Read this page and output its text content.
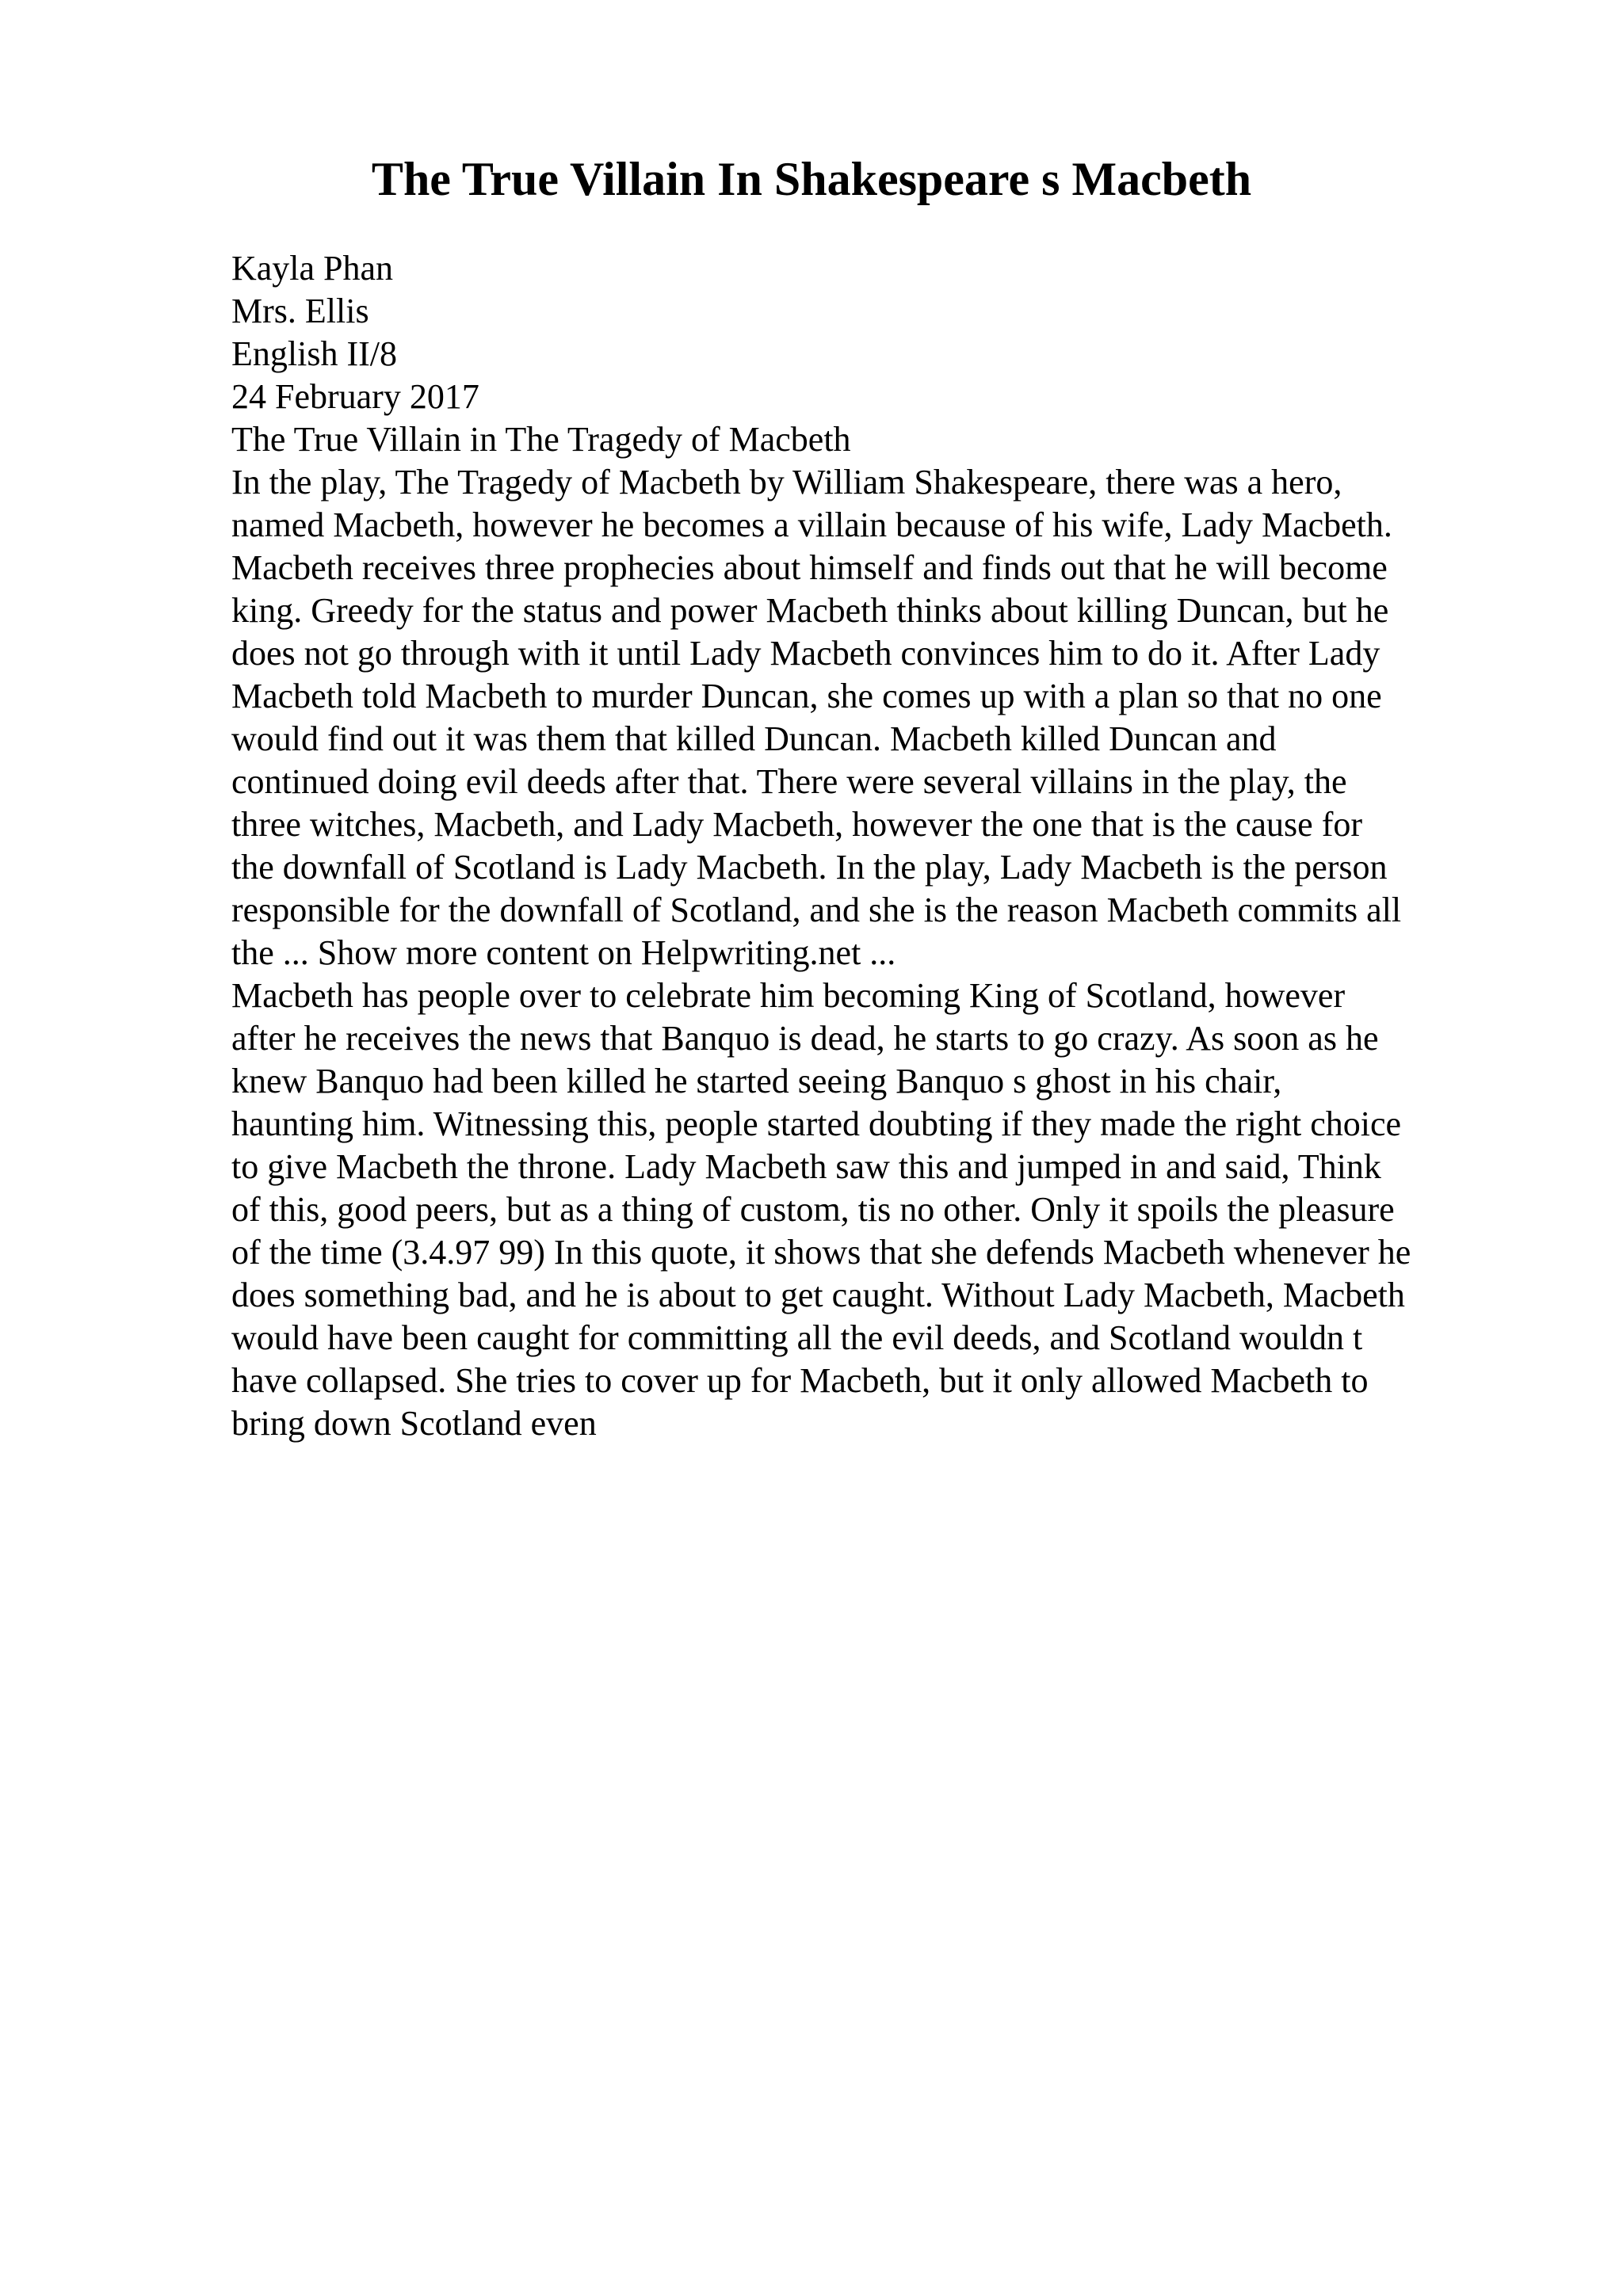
The True Villain In Shakespeare s Macbeth
Kayla Phan
Mrs. Ellis
English II/8
24 February 2017
The True Villain in The Tragedy of Macbeth
In the play, The Tragedy of Macbeth by William Shakespeare, there was a hero,
named Macbeth, however he becomes a villain because of his wife, Lady Macbeth.
Macbeth receives three prophecies about himself and finds out that he will become
king. Greedy for the status and power Macbeth thinks about killing Duncan, but he
does not go through with it until Lady Macbeth convinces him to do it. After Lady
Macbeth told Macbeth to murder Duncan, she comes up with a plan so that no one
would find out it was them that killed Duncan. Macbeth killed Duncan and
continued doing evil deeds after that. There were several villains in the play, the
three witches, Macbeth, and Lady Macbeth, however the one that is the cause for
the downfall of Scotland is Lady Macbeth. In the play, Lady Macbeth is the person
responsible for the downfall of Scotland, and she is the reason Macbeth commits all
the ... Show more content on Helpwriting.net ...
Macbeth has people over to celebrate him becoming King of Scotland, however
after he receives the news that Banquo is dead, he starts to go crazy. As soon as he
knew Banquo had been killed he started seeing Banquo s ghost in his chair,
haunting him. Witnessing this, people started doubting if they made the right choice
to give Macbeth the throne. Lady Macbeth saw this and jumped in and said, Think
of this, good peers, but as a thing of custom, tis no other. Only it spoils the pleasure
of the time (3.4.97 99) In this quote, it shows that she defends Macbeth whenever he
does something bad, and he is about to get caught. Without Lady Macbeth, Macbeth
would have been caught for committing all the evil deeds, and Scotland wouldn t
have collapsed. She tries to cover up for Macbeth, but it only allowed Macbeth to
bring down Scotland even
